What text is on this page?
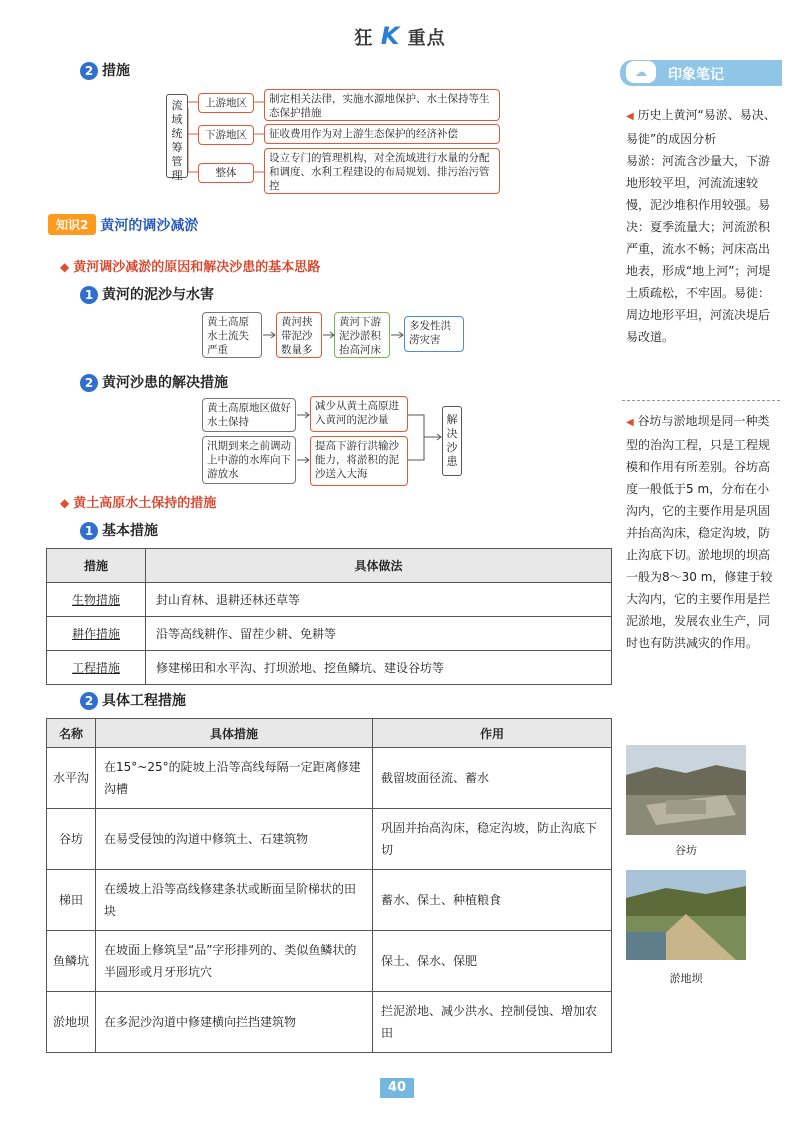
狂 K 重点
2 措施
流域统筹管理
上游地区	制定相关法律，实施水源地保护、水土保持等生态保护措施
下游地区	征收费用作为对上游生态保护的经济补偿
整体
设立专门的管理机构，对全流域进行水量的分配和调度、水利工程建设的布局规划、排污治污管控
知识2 黄河的调沙减淤
◆ 黄河调沙减淤的原因和解决沙患的基本思路
1 黄河的泥沙与水害
黄土高原水土流失严重
黄河挟带泥沙数量多
黄河下游泥沙淤积抬高河床
多发性洪涝灾害
2 黄河沙患的解决措施
黄土高原地区做好水土保持
汛期到来之前调动上中游的水库向下游放水
减少从黄土高原进入黄河的泥沙量
提高下游行洪输沙能力，将淤积的泥沙送入大海
解决沙患
◆ 黄土高原水土保持的措施
1 基本措施
措施	具体做法
生物措施	封山育林、退耕还林还草等
耕作措施	沿等高线耕作、留茬少耕、免耕等
工程措施	修建梯田和水平沟、打坝淤地、挖鱼鳞坑、建设谷坊等
2 具体工程措施
名称	具体措施	作用
水平沟	在15°~25°的陡坡上沿等高线每隔一定距离修建沟槽	截留坡面径流、蓄水
谷坊	在易受侵蚀的沟道中修筑土、石建筑物	巩固并抬高沟床，稳定沟坡，防止沟底下切
梯田	在缓坡上沿等高线修建条状或断面呈阶梯状的田块	蓄水、保土、种植粮食
鱼鳞坑	在坡面上修筑呈“品”字形排列的、类似鱼鳞状的半圆形或月牙形坑穴	保土、保水、保肥
淤地坝	在多泥沙沟道中修建横向拦挡建筑物	拦泥淤地、减少洪水、控制侵蚀、增加农田
☁	印象笔记
◀ 历史上黄河“易淤、易决、易徙”的成因分析
易淤：河流含沙量大，下游地形较平坦，河流流速较慢，泥沙堆积作用较强。易决：夏季流量大；河流淤积严重，流水不畅；河床高出地表，形成“地上河”；河堤土质疏松，不牢固。易徙：周边地形平坦，河流决堤后易改道。
◀ 谷坊与淤地坝是同一种类型的治沟工程，只是工程规模和作用有所差别。谷坊高度一般低于5 m，分布在小沟内，它的主要作用是巩固并抬高沟床，稳定沟坡，防止沟底下切。淤地坝的坝高一般为8～30 m，修建于较大沟内，它的主要作用是拦泥淤地，发展农业生产，同时也有防洪减灾的作用。
谷坊
淤地坝
40
